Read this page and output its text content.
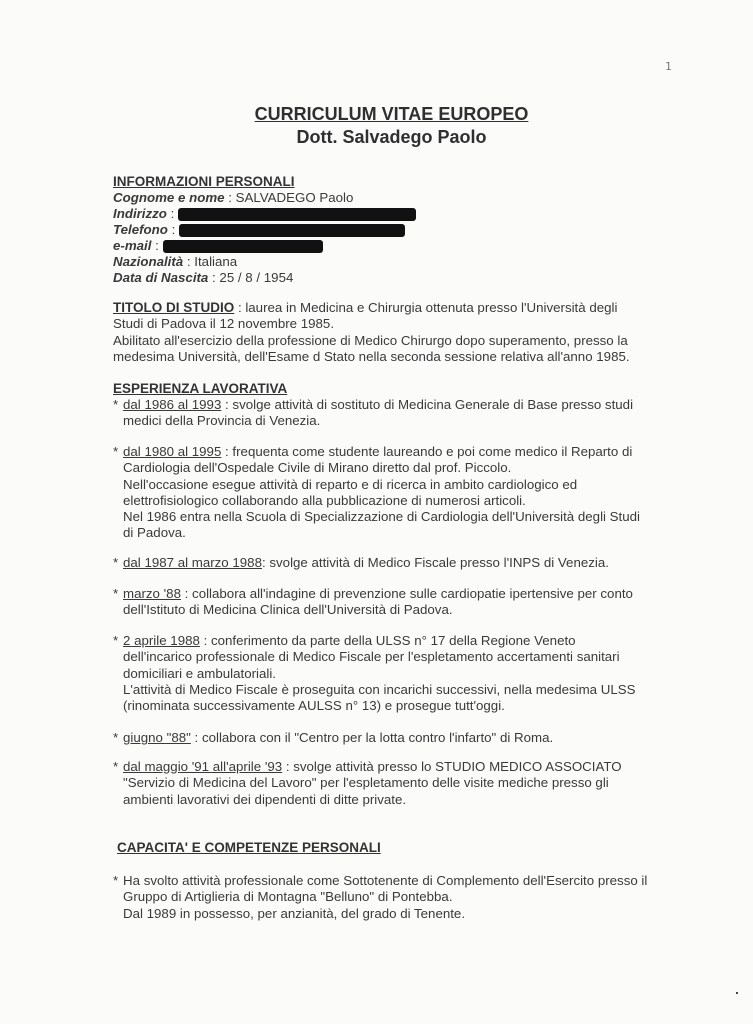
1
CURRICULUM VITAE EUROPEO
Dott. Salvadego Paolo
INFORMAZIONI PERSONALI
Cognome e nome : SALVADEGO Paolo
Indirizzo :
Telefono :
e-mail :
Nazionalità : Italiana
Data di Nascita : 25 / 8 / 1954
TITOLO DI STUDIO : laurea in Medicina e Chirurgia ottenuta presso l'Università degli
Studi di Padova il 12 novembre 1985.
Abilitato all'esercizio della professione di Medico Chirurgo dopo superamento, presso la
medesima Università, dell'Esame d Stato nella seconda sessione relativa all'anno 1985.
ESPERIENZA LAVORATIVA
* dal 1986 al 1993 : svolge attività di sostituto di Medicina Generale di Base presso studi
medici della Provincia di Venezia.
* dal 1980 al 1995 : frequenta come studente laureando e poi come medico il Reparto di
Cardiologia dell'Ospedale Civile di Mirano diretto dal prof. Piccolo.
Nell'occasione esegue attività di reparto e di ricerca in ambito cardiologico ed
elettrofisiologico collaborando alla pubblicazione di numerosi articoli.
Nel 1986 entra nella Scuola di Specializzazione di Cardiologia dell'Università degli Studi
di Padova.
* dal 1987 al marzo 1988: svolge attività di Medico Fiscale presso l'INPS di Venezia.
* marzo '88 : collabora all'indagine di prevenzione sulle cardiopatie ipertensive per conto
dell'Istituto di Medicina Clinica dell'Università di Padova.
* 2 aprile 1988 : conferimento da parte della ULSS n° 17 della Regione Veneto
dell'incarico professionale di Medico Fiscale per l'espletamento accertamenti sanitari
domiciliari e ambulatoriali.
L'attività di Medico Fiscale è proseguita con incarichi successivi, nella medesima ULSS
(rinominata successivamente AULSS n° 13) e prosegue tutt'oggi.
* giugno "88" : collabora con il "Centro per la lotta contro l'infarto" di Roma.
* dal maggio '91 all'aprile '93 : svolge attività presso lo STUDIO MEDICO ASSOCIATO
"Servizio di Medicina del Lavoro" per l'espletamento delle visite mediche presso gli
ambienti lavorativi dei dipendenti di ditte private.
CAPACITA' E COMPETENZE PERSONALI
* Ha svolto attività professionale come Sottotenente di Complemento dell'Esercito presso il
Gruppo di Artiglieria di Montagna "Belluno" di Pontebba.
Dal 1989 in possesso, per anzianità, del grado di Tenente.
